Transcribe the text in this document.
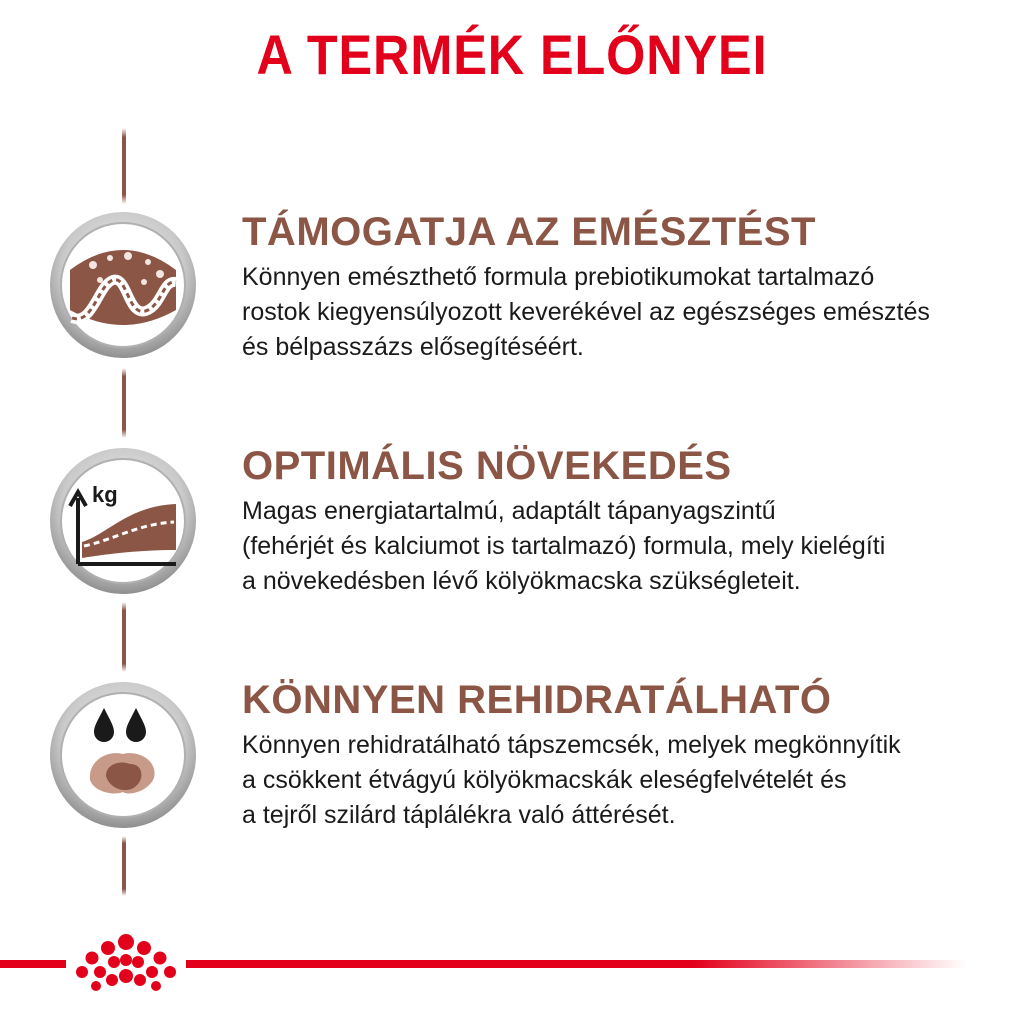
A TERMÉK ELŐNYEI
TÁMOGATJA AZ EMÉSZTÉST

Könnyen emészthető formula prebiotikumokat tartalmazó
rostok kiegyensúlyozott keverékével az egészséges emésztés
és bélpasszázs elősegítéséért.

kg
OPTIMÁLIS NÖVEKEDÉS

Magas energiatartalmú, adaptált tápanyagszintű
(fehérjét és kalciumot is tartalmazó) formula, mely kielégíti
a növekedésben lévő kölyökmacska szükségleteit.

KÖNNYEN REHIDRATÁLHATÓ

Könnyen rehidratálható tápszemcsék, melyek megkönnyítik
a csökkent étvágyú kölyökmacskák eleségfelvételét és
a tejről szilárd táplálékra való áttérését.
